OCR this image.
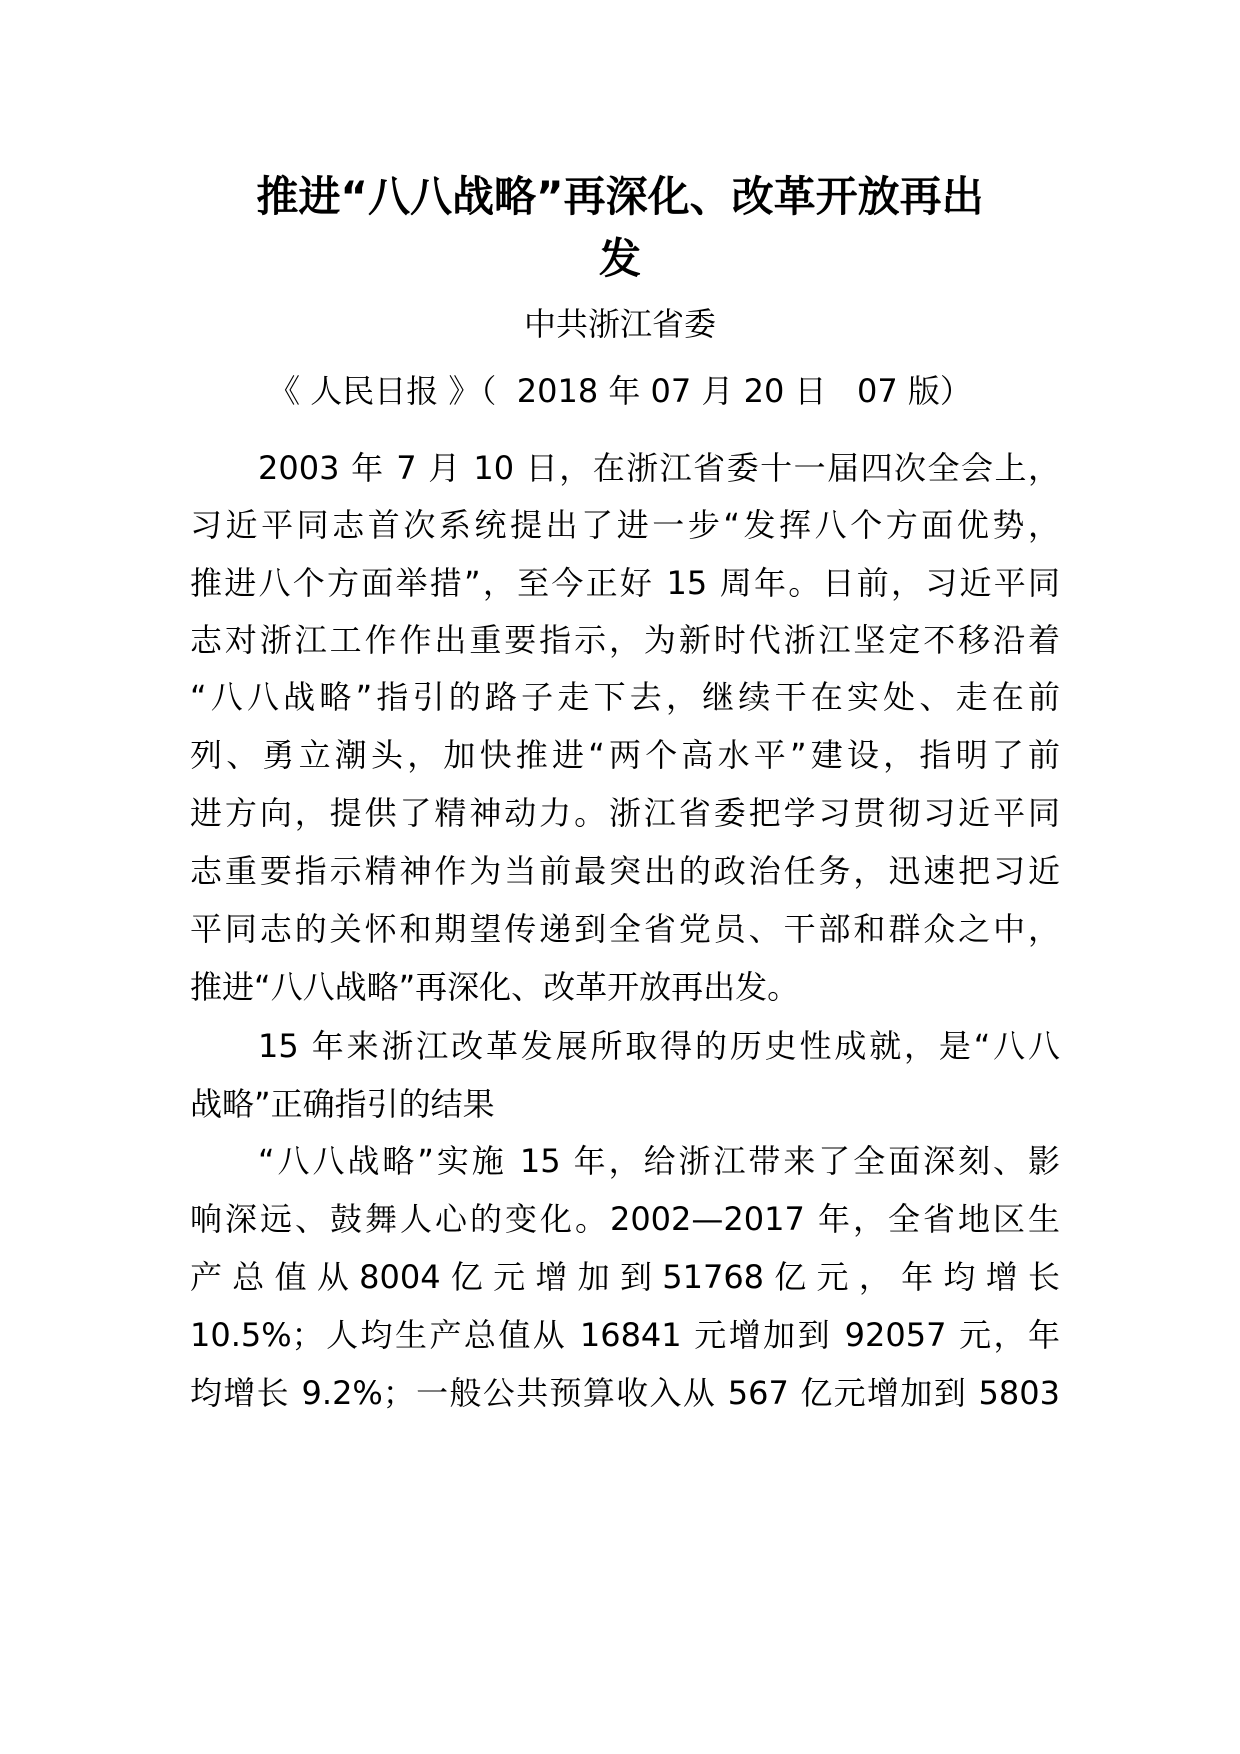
推进“八八战略”再深化、改革开放再出
发

中共浙江省委

《 人民日报 》（  2018 年 07 月 20 日   07 版）

2003 年 7 月 10 日，在浙江省委十一届四次全会上，

习近平同志首次系统提出了进一步“发挥八个方面优势，

推进八个方面举措”，至今正好 15 周年。日前，习近平同

志对浙江工作作出重要指示，为新时代浙江坚定不移沿着

“八八战略”指引的路子走下去，继续干在实处、走在前

列、勇立潮头，加快推进“两个高水平”建设，指明了前

进方向，提供了精神动力。浙江省委把学习贯彻习近平同

志重要指示精神作为当前最突出的政治任务，迅速把习近

平同志的关怀和期望传递到全省党员、干部和群众之中，

推进“八八战略”再深化、改革开放再出发。

15 年来浙江改革发展所取得的历史性成就，是“八八

战略”正确指引的结果

“八八战略”实施 15 年，给浙江带来了全面深刻、影

响深远、鼓舞人心的变化。2002—2017 年，全省地区生

产 总 值 从 8004 亿 元 增 加 到 51768 亿 元 ， 年 均 增 长

10.5%；人均生产总值从 16841 元增加到 92057 元，年

均增长 9.2%；一般公共预算收入从 567 亿元增加到 5803
